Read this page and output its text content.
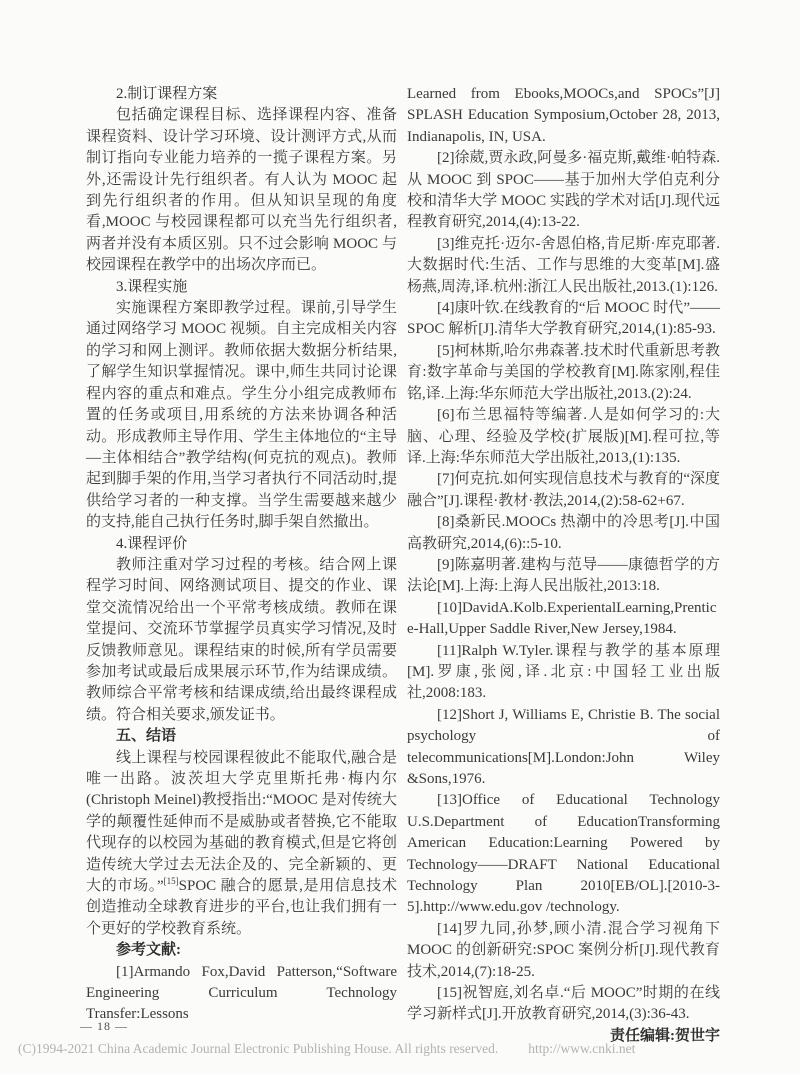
2.制订课程方案

包括确定课程目标、选择课程内容、准备课程资料、设计学习环境、设计测评方式,从而制订指向专业能力培养的一揽子课程方案。另外,还需设计先行组织者。有人认为 MOOC 起到先行组织者的作用。但从知识呈现的角度看,MOOC 与校园课程都可以充当先行组织者,两者并没有本质区别。只不过会影响 MOOC 与校园课程在教学中的出场次序而已。

3.课程实施

实施课程方案即教学过程。课前,引导学生通过网络学习 MOOC 视频。自主完成相关内容的学习和网上测评。教师依据大数据分析结果,了解学生知识掌握情况。课中,师生共同讨论课程内容的重点和难点。学生分小组完成教师布置的任务或项目,用系统的方法来协调各种活动。形成教师主导作用、学生主体地位的“主导—主体相结合”教学结构(何克抗的观点)。教师起到脚手架的作用,当学习者执行不同活动时,提供给学习者的一种支撑。当学生需要越来越少的支持,能自己执行任务时,脚手架自然撤出。

4.课程评价

教师注重对学习过程的考核。结合网上课程学习时间、网络测试项目、提交的作业、课堂交流情况给出一个平常考核成绩。教师在课堂提问、交流环节掌握学员真实学习情况,及时反馈教师意见。课程结束的时候,所有学员需要参加考试或最后成果展示环节,作为结课成绩。教师综合平常考核和结课成绩,给出最终课程成绩。符合相关要求,颁发证书。

五、结语

线上课程与校园课程彼此不能取代,融合是唯一出路。波茨坦大学克里斯托弗·梅内尔(Christoph Meinel)教授指出:“MOOC 是对传统大学的颠覆性延伸而不是威胁或者替换,它不能取代现存的以校园为基础的教育模式,但是它将创造传统大学过去无法企及的、完全新颖的、更大的市场。”[15]SPOC 融合的愿景,是用信息技术创造推动全球教育进步的平台,也让我们拥有一个更好的学校教育系统。

参考文献:

[1]Armando Fox,David Patterson,“Software Engineering Curriculum Technology Transfer:Lessons

Learned from Ebooks,MOOCs,and SPOCs”[J] SPLASH Education Symposium,October 28, 2013, Indianapolis, IN, USA.

[2]徐葳,贾永政,阿曼多·福克斯,戴维·帕特森.从 MOOC 到 SPOC——基于加州大学伯克利分校和清华大学 MOOC 实践的学术对话[J].现代远程教育研究,2014,(4):13-22.

[3]维克托·迈尔-舍恩伯格,肯尼斯·库克耶著.大数据时代:生活、工作与思维的大变革[M].盛杨燕,周涛,译.杭州:浙江人民出版社,2013.(1):126.

[4]康叶钦.在线教育的“后 MOOC 时代”——SPOC 解析[J].清华大学教育研究,2014,(1):85-93.

[5]柯林斯,哈尔弗森著.技术时代重新思考教育:数字革命与美国的学校教育[M].陈家刚,程佳铭,译.上海:华东师范大学出版社,2013.(2):24.

[6]布兰思福特等编著.人是如何学习的:大脑、心理、经验及学校(扩展版)[M].程可拉,等译.上海:华东师范大学出版社,2013,(1):135.

[7]何克抗.如何实现信息技术与教育的“深度融合”[J].课程·教材·教法,2014,(2):58-62+67.

[8]桑新民.MOOCs 热潮中的冷思考[J].中国高教研究,2014,(6)::5-10.

[9]陈嘉明著.建构与范导——康德哲学的方法论[M].上海:上海人民出版社,2013:18.

[10]DavidA.Kolb.ExperientalLearning,Prentice-Hall,Upper Saddle River,New Jersey,1984.

[11]Ralph W.Tyler.课程与教学的基本原理[M].罗康,张阅,译.北京:中国轻工业出版社,2008:183.

[12]Short J, Williams E, Christie B. The social psychology of telecommunications[M].London:John Wiley &Sons,1976.

[13]Office of Educational Technology U.S.Department of EducationTransforming American Education:Learning Powered by Technology——DRAFT National Educational Technology Plan 2010[EB/OL].[2010-3-5].http://www.edu.gov /technology.

[14]罗九同,孙梦,顾小清.混合学习视角下 MOOC 的创新研究:SPOC 案例分析[J].现代教育技术,2014,(7):18-25.

[15]祝智庭,刘名卓.“后 MOOC”时期的在线学习新样式[J].开放教育研究,2014,(3):36-43.

责任编辑:贺世宇

— 18 —
(C)1994-2021 China Academic Journal Electronic Publishing House. All rights reserved. http://www.cnki.net
